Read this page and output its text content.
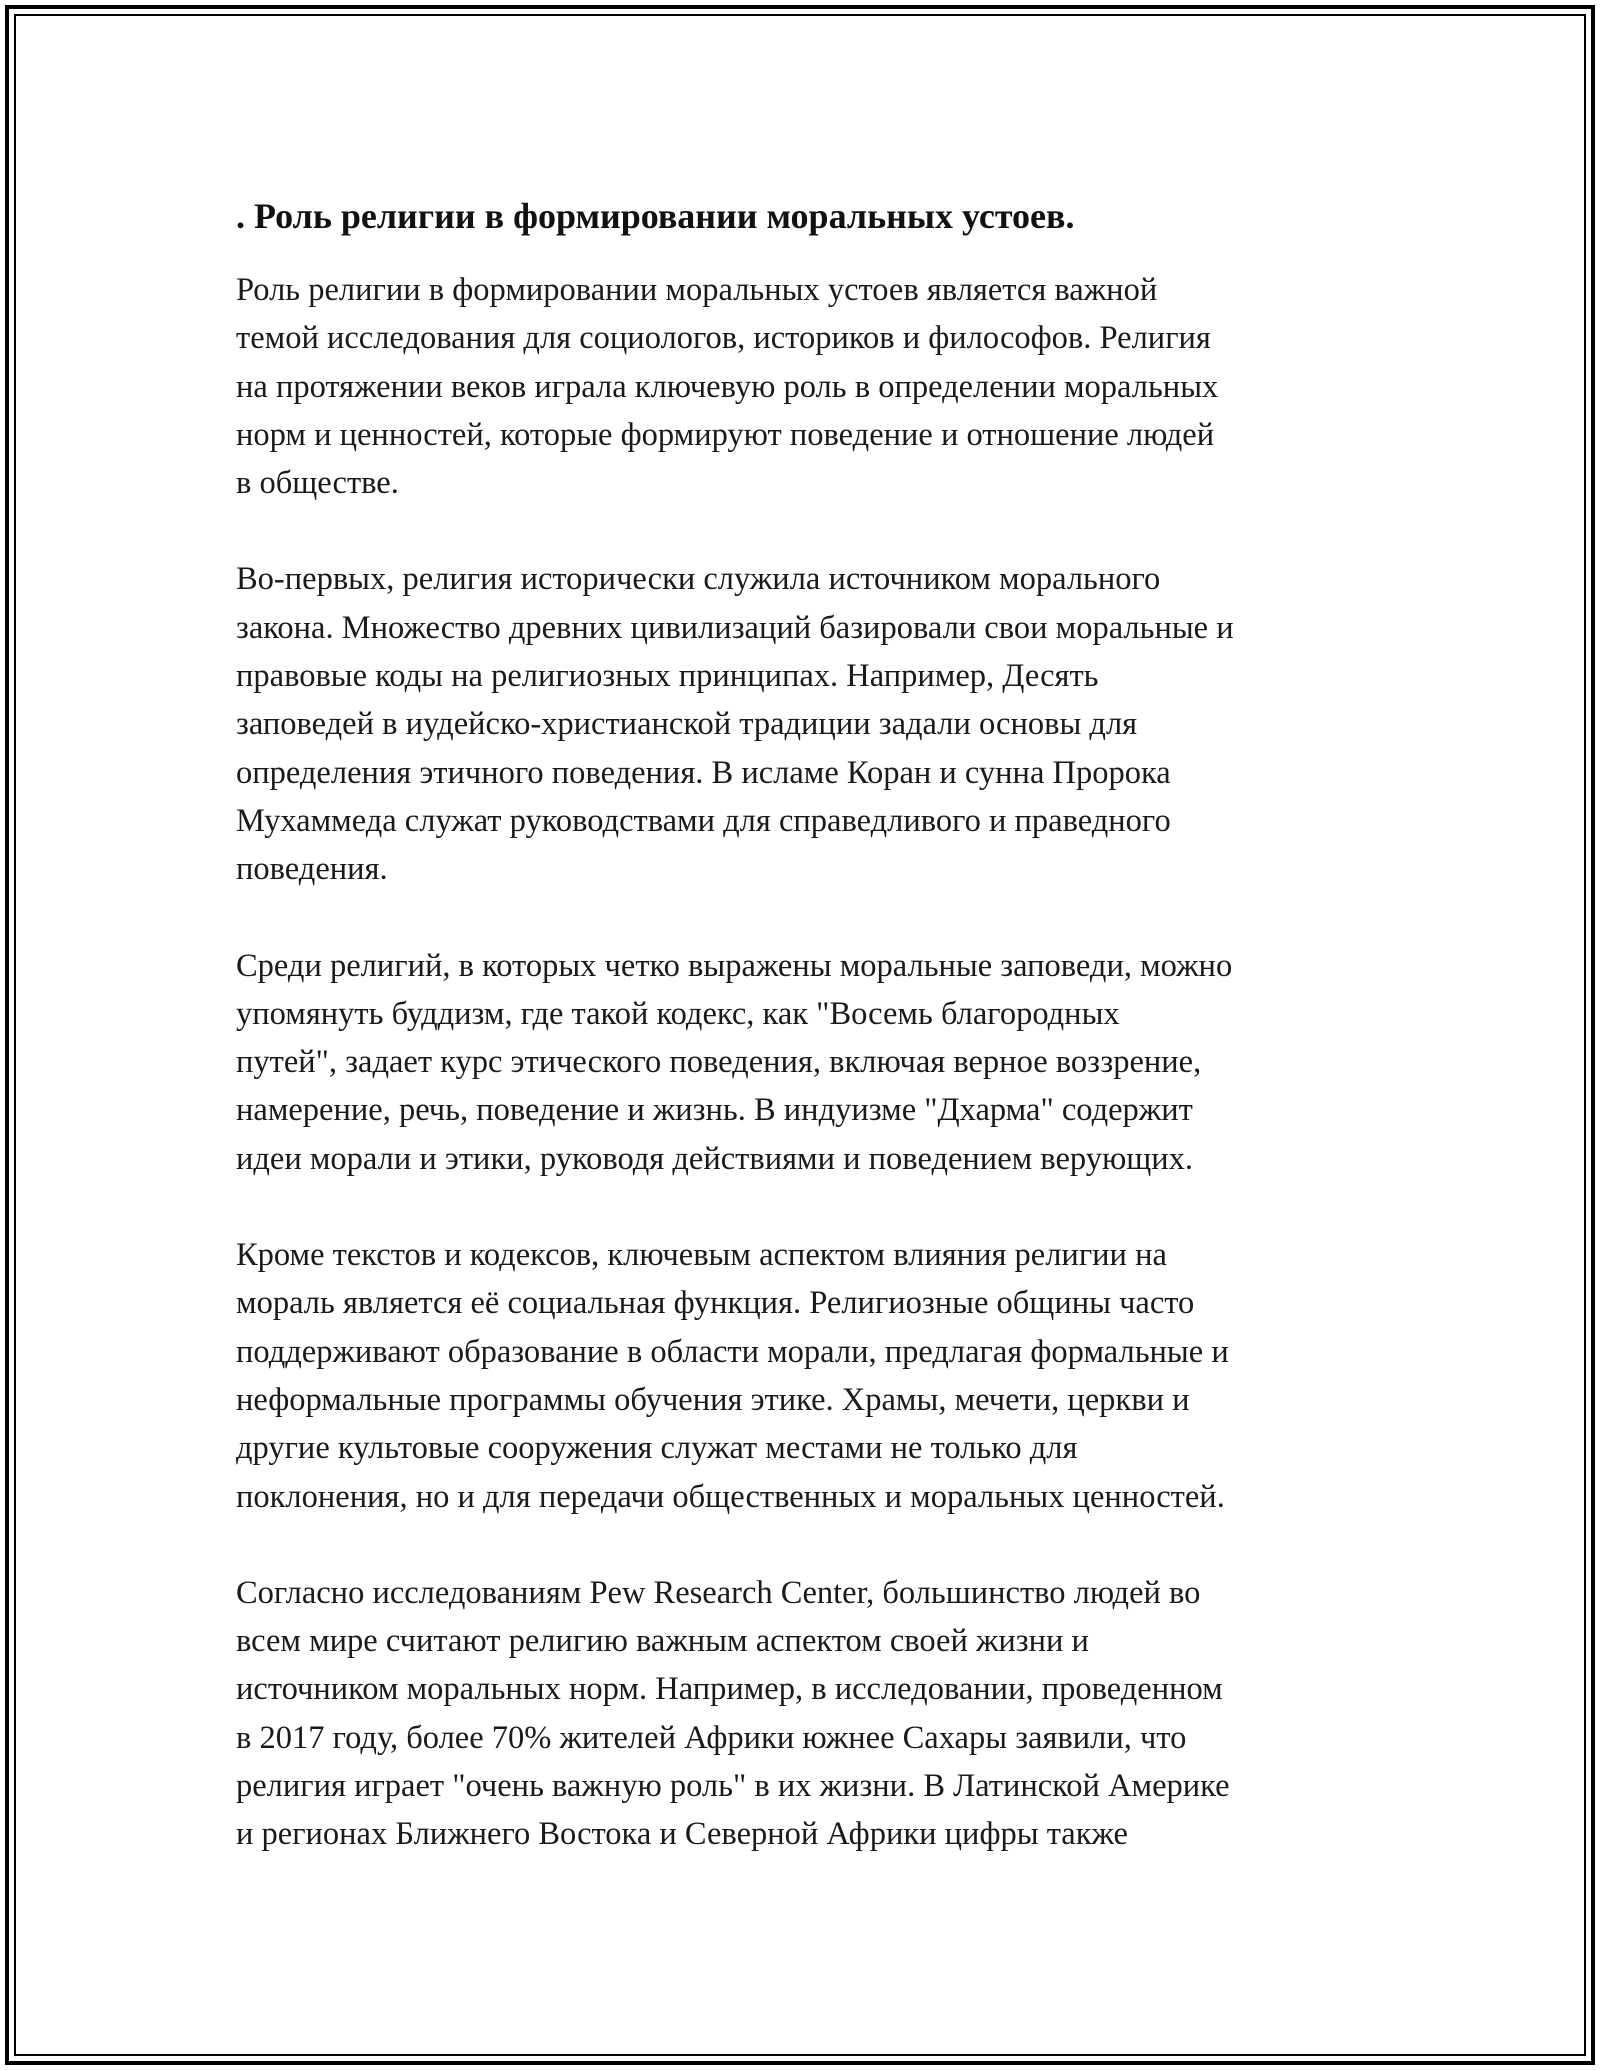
. Роль религии в формировании моральных устоев.

Роль религии в формировании моральных устоев является важной
темой исследования для социологов, историков и философов. Религия
на протяжении веков играла ключевую роль в определении моральных
норм и ценностей, которые формируют поведение и отношение людей
в обществе.

Во-первых, религия исторически служила источником морального
закона. Множество древних цивилизаций базировали свои моральные и
правовые коды на религиозных принципах. Например, Десять
заповедей в иудейско-христианской традиции задали основы для
определения этичного поведения. В исламе Коран и сунна Пророка
Мухаммеда служат руководствами для справедливого и праведного
поведения.

Среди религий, в которых четко выражены моральные заповеди, можно
упомянуть буддизм, где такой кодекс, как "Восемь благородных
путей", задает курс этического поведения, включая верное воззрение,
намерение, речь, поведение и жизнь. В индуизме "Дхарма" содержит
идеи морали и этики, руководя действиями и поведением верующих.

Кроме текстов и кодексов, ключевым аспектом влияния религии на
мораль является её социальная функция. Религиозные общины часто
поддерживают образование в области морали, предлагая формальные и
неформальные программы обучения этике. Храмы, мечети, церкви и
другие культовые сооружения служат местами не только для
поклонения, но и для передачи общественных и моральных ценностей.

Согласно исследованиям Pew Research Center, большинство людей во
всем мире считают религию важным аспектом своей жизни и
источником моральных норм. Например, в исследовании, проведенном
в 2017 году, более 70% жителей Африки южнее Сахары заявили, что
религия играет "очень важную роль" в их жизни. В Латинской Америке
и регионах Ближнего Востока и Северной Африки цифры также
